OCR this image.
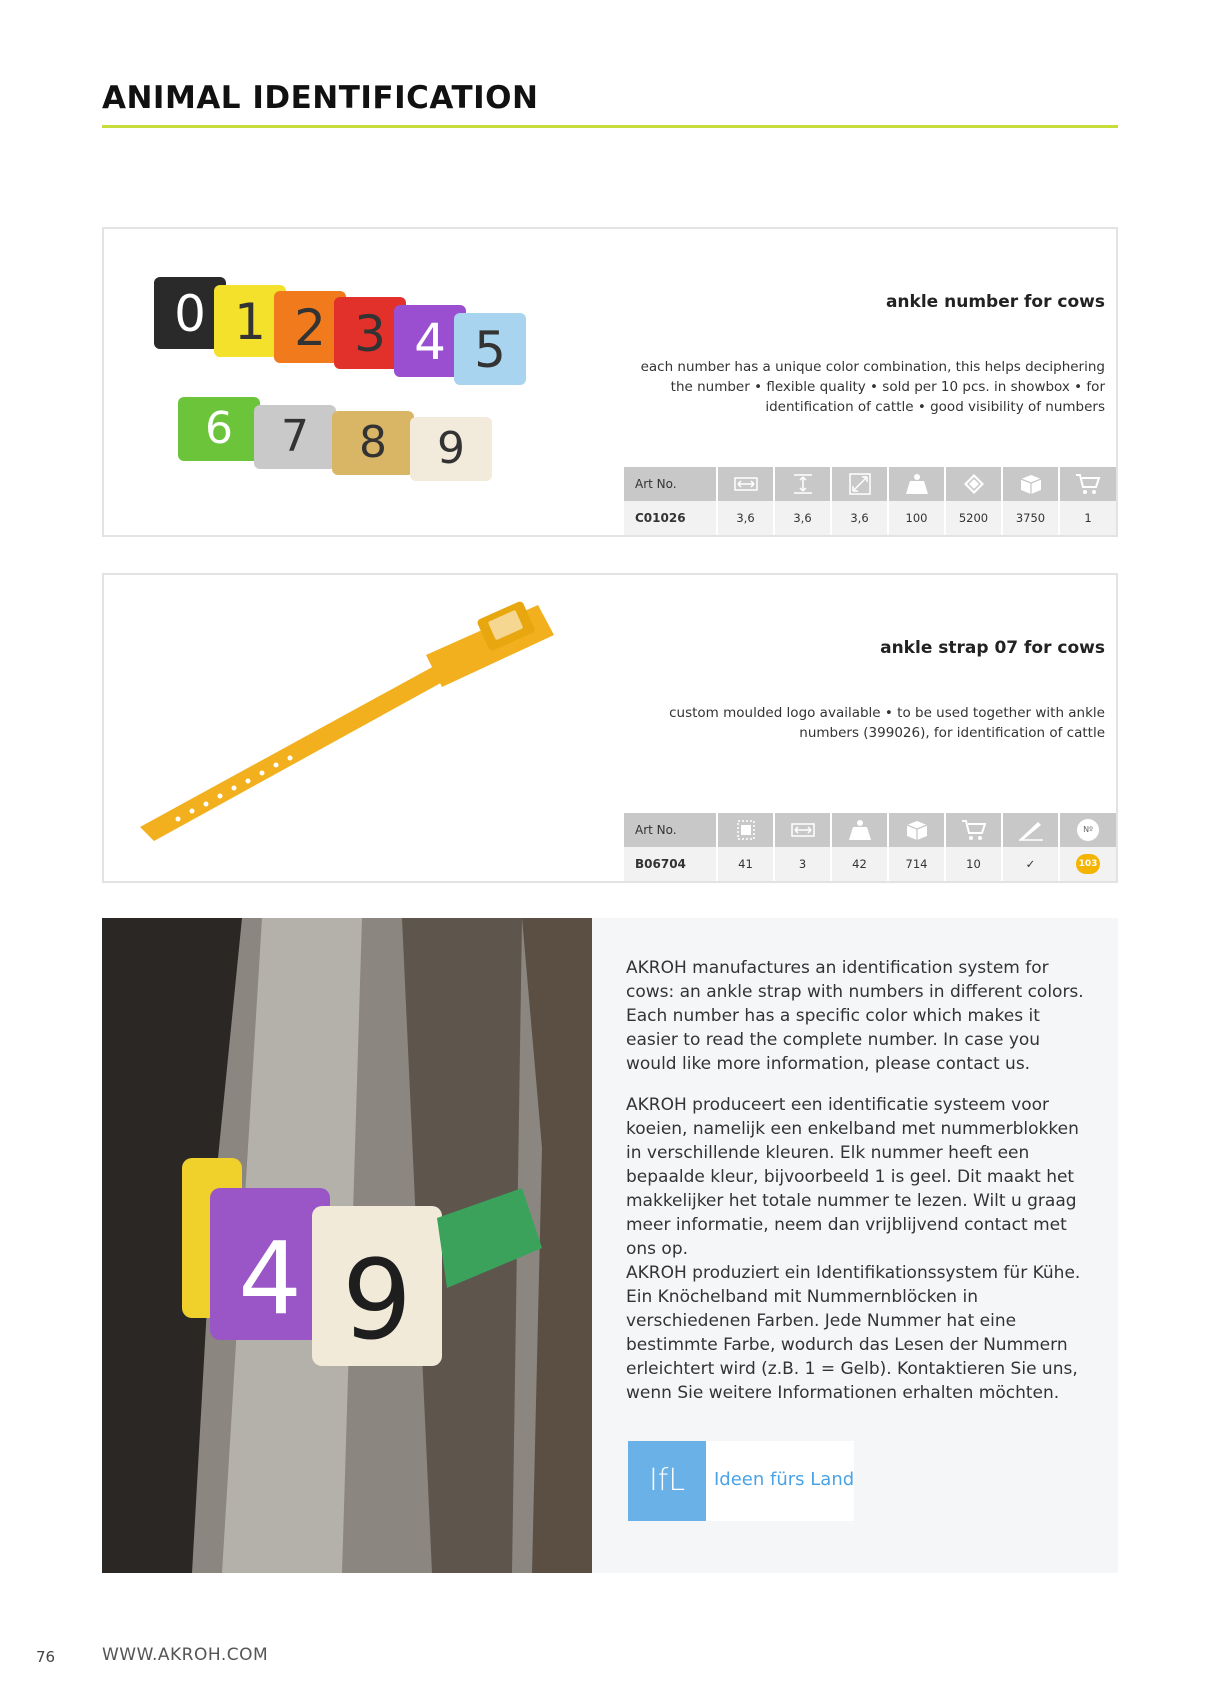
ANIMAL IDENTIFICATION
0 1 2 3 4 5
6 7 8 9
ankle number for cows

each number has a unique color combination, this helps deciphering the number • flexible quality • sold per 10 pcs. in showbox • for identification of cattle • good visibility of numbers

Art No.	

C01026	3,6	3,6	3,6	100	5200	3750	1
ankle strap 07 for cows

custom moulded logo available • to be used together with ankle numbers (399026), for identification of cattle

Art No.							Nº
B06704	41	3	42	714	10	✓	103
4 9

AKROH manufactures an identification system for cows: an ankle strap with numbers in different colors. Each number has a specific color which makes it easier to read the complete number. In case you would like more information, please contact us.

AKROH produceert een identificatie systeem voor koeien, namelijk een enkelband met nummerblokken in verschillende kleuren. Elk nummer heeft een bepaalde kleur, bijvoorbeeld 1 is geel. Dit maakt het makkelijker het totale nummer te lezen. Wilt u graag meer informatie, neem dan vrijblijvend contact met ons op.

AKROH produziert ein Identifikationssystem für Kühe. Ein Knöchelband mit Nummernblöcken in verschiedenen Farben. Jede Nummer hat eine bestimmte Farbe, wodurch das Lesen der Nummern erleichtert wird (z.B. 1 = Gelb). Kontaktieren Sie uns, wenn Sie weitere Informationen erhalten möchten.

IfL	Ideen fürs Land
76	WWW.AKROH.COM
